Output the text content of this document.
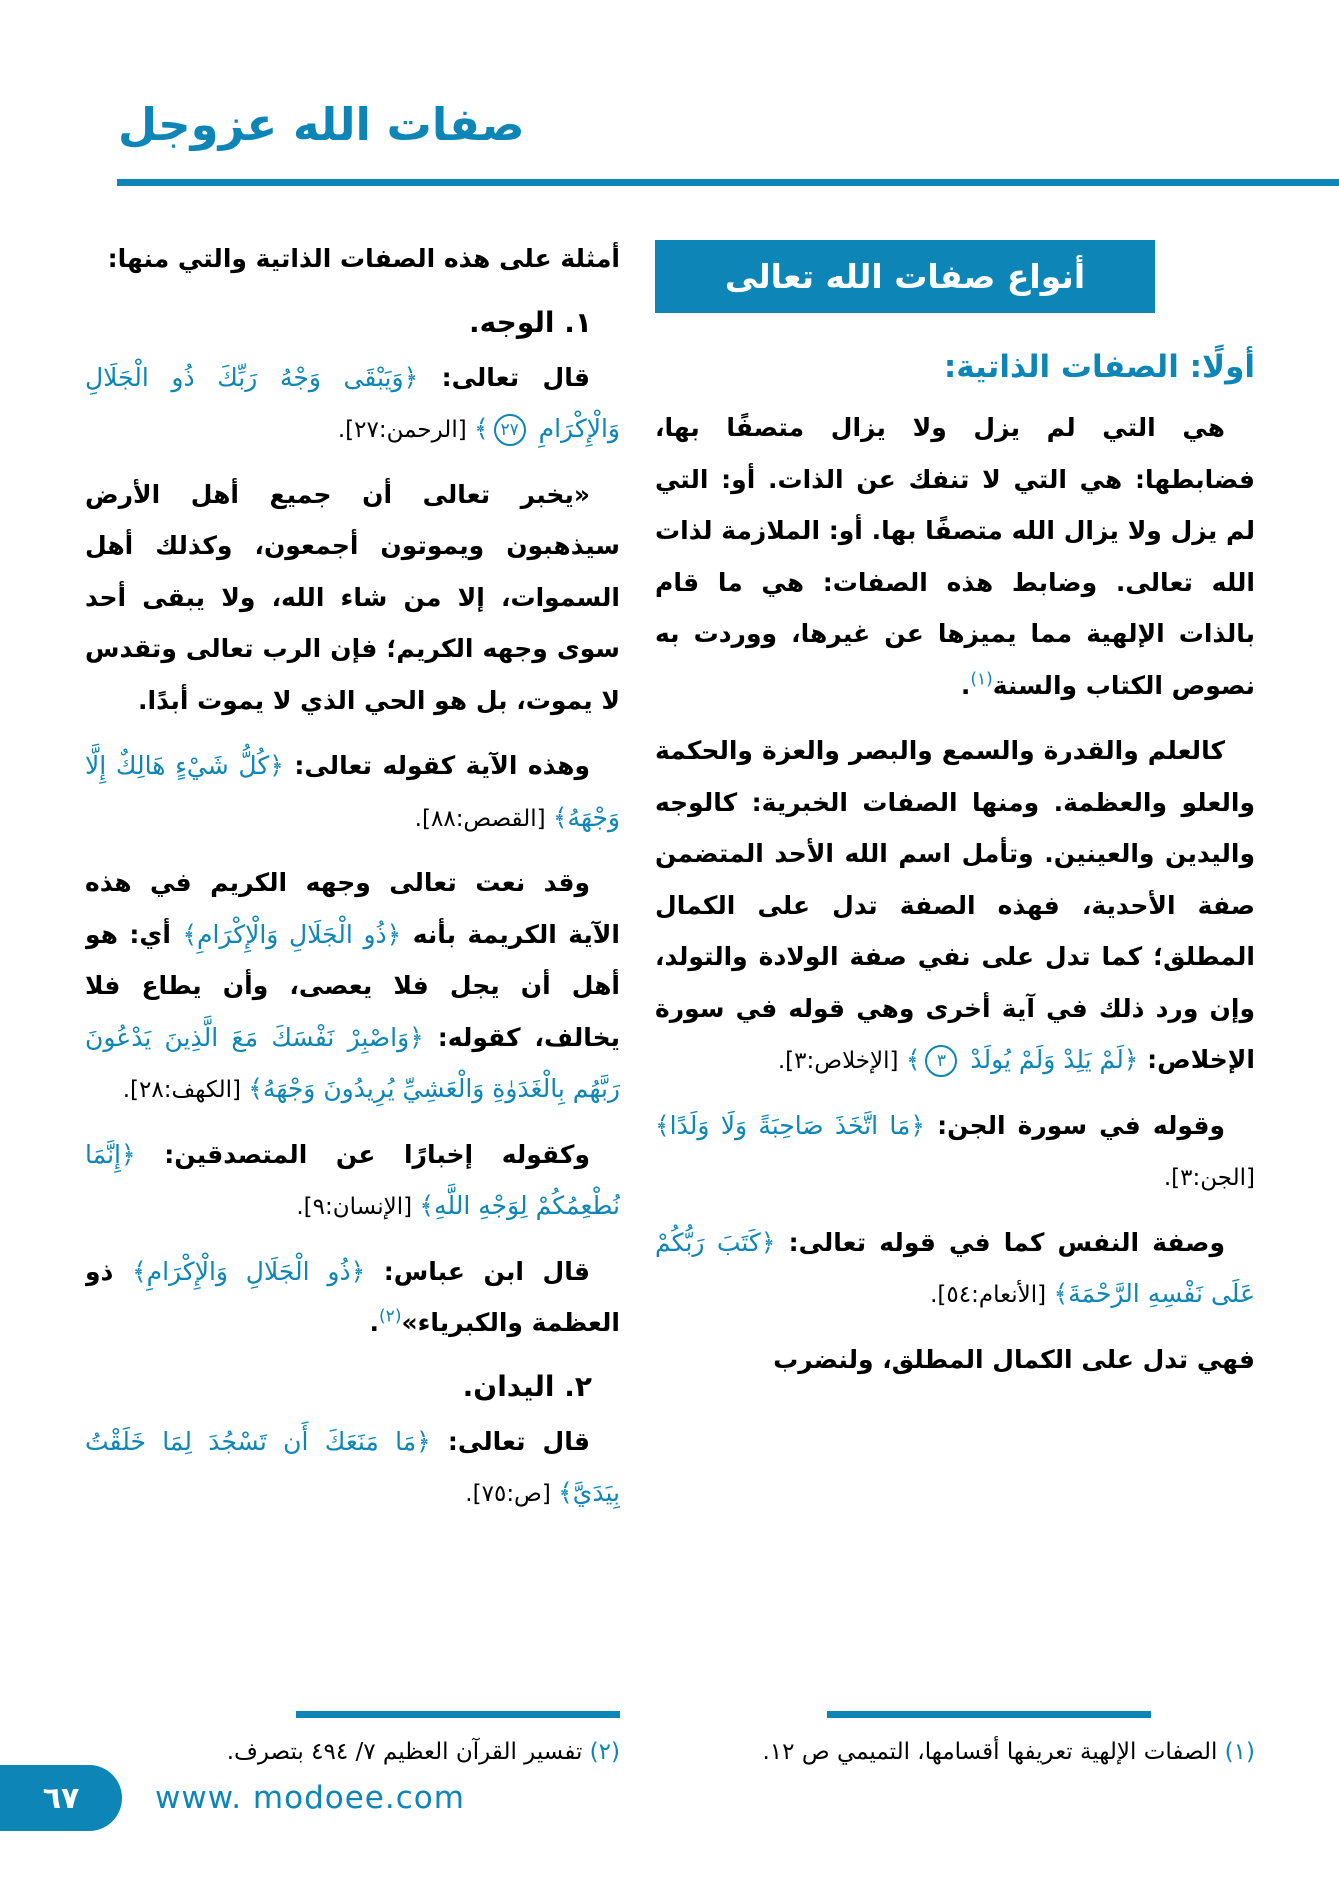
صفات الله عزوجل
أنواع صفات الله تعالى
أولًا: الصفات الذاتية:

هي التي لم يزل ولا يزال متصفًا بها، فضابطها: هي التي لا تنفك عن الذات. أو: التي لم يزل ولا يزال الله متصفًا بها. أو: الملازمة لذات الله تعالى. وضابط هذه الصفات: هي ما قام بالذات الإلهية مما يميزها عن غيرها، ووردت به نصوص الكتاب والسنة$^{(١)}$.

كالعلم والقدرة والسمع والبصر والعزة والحكمة والعلو والعظمة. ومنها الصفات الخبرية: كالوجه واليدين والعينين. وتأمل اسم الله الأحد المتضمن صفة الأحدية، فهذه الصفة تدل على الكمال المطلق؛ كما تدل على نفي صفة الولادة والتولد، وإن ورد ذلك في آية أخرى وهي قوله في سورة الإخلاص: ﴿لَمْ يَلِدْ وَلَمْ يُولَدْ ٣﴾ [الإخلاص:٣].

وقوله في سورة الجن: ﴿مَا اتَّخَذَ صَاحِبَةً وَلَا وَلَدًا﴾ [الجن:٣].

وصفة النفس كما في قوله تعالى: ﴿كَتَبَ رَبُّكُمْ عَلَى نَفْسِهِ الرَّحْمَةَ﴾ [الأنعام:٥٤].

فهي تدل على الكمال المطلق، ولنضرب

(١) الصفات الإلهية تعريفها أقسامها، التميمي ص ١٢.

أمثلة على هذه الصفات الذاتية والتي منها:

١. الوجه.

قال تعالى: ﴿وَيَبْقَى وَجْهُ رَبِّكَ ذُو الْجَلَالِ وَالْإِكْرَامِ ٢٧﴾ [الرحمن:٢٧].

«يخبر تعالى أن جميع أهل الأرض سيذهبون ويموتون أجمعون، وكذلك أهل السموات، إلا من شاء الله، ولا يبقى أحد سوى وجهه الكريم؛ فإن الرب تعالى وتقدس لا يموت، بل هو الحي الذي لا يموت أبدًا.

وهذه الآية كقوله تعالى: ﴿كُلُّ شَيْءٍ هَالِكٌ إِلَّا وَجْهَهُ﴾ [القصص:٨٨].

وقد نعت تعالى وجهه الكريم في هذه الآية الكريمة بأنه ﴿ذُو الْجَلَالِ وَالْإِكْرَامِ﴾ أي: هو أهل أن يجل فلا يعصى، وأن يطاع فلا يخالف، كقوله: ﴿وَاصْبِرْ نَفْسَكَ مَعَ الَّذِينَ يَدْعُونَ رَبَّهُم بِالْغَدَوٰةِ وَالْعَشِيِّ يُرِيدُونَ وَجْهَهُ﴾ [الكهف:٢٨].

وكقوله إخبارًا عن المتصدقين: ﴿إِنَّمَا نُطْعِمُكُمْ لِوَجْهِ اللَّهِ﴾ [الإنسان:٩].

قال ابن عباس: ﴿ذُو الْجَلَالِ وَالْإِكْرَامِ﴾ ذو العظمة والكبرياء»$^{(٢)}$.

٢. اليدان.

قال تعالى: ﴿مَا مَنَعَكَ أَن تَسْجُدَ لِمَا خَلَقْتُ بِيَدَيَّ﴾ [ص:٧٥].

(٢) تفسير القرآن العظيم ٧/ ٤٩٤ بتصرف.

٦٧ www. modoee.com
